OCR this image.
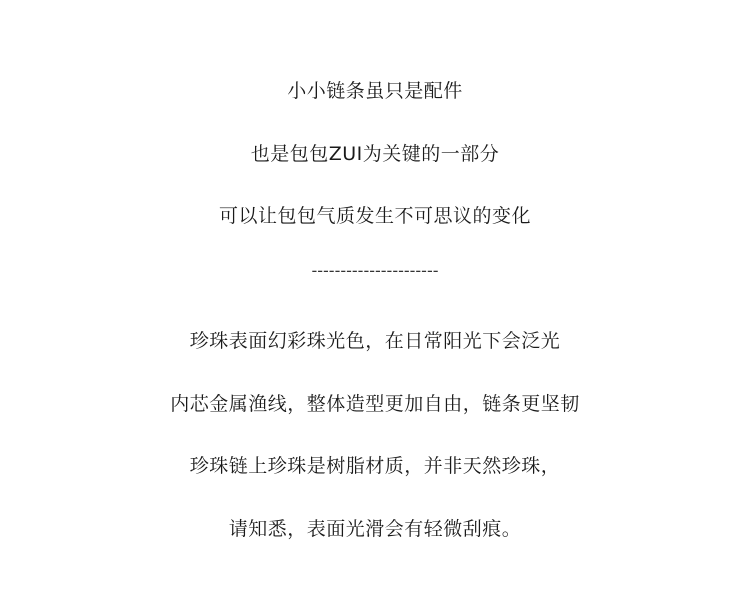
小小链条虽只是配件
也是包包ZUI为关键的一部分
可以让包包气质发生不可思议的变化
----------------------
珍珠表面幻彩珠光色，在日常阳光下会泛光
内芯金属渔线，整体造型更加自由，链条更坚韧
珍珠链上珍珠是树脂材质，并非天然珍珠，
请知悉，表面光滑会有轻微刮痕。
